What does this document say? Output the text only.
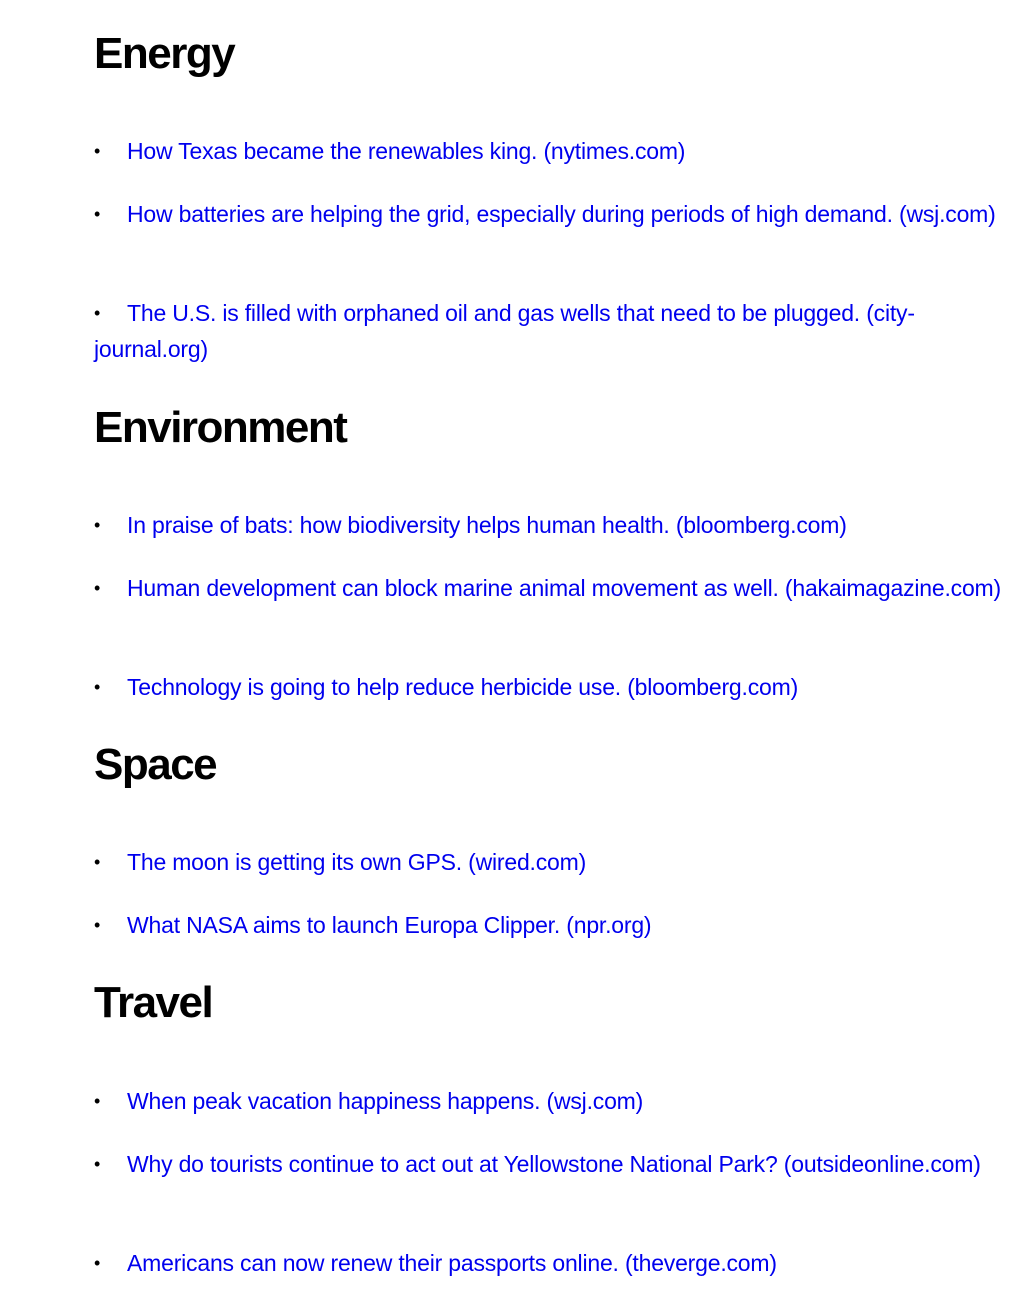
Energy
• How Texas became the renewables king. (nytimes.com)
• How batteries are helping the grid, especially during periods of high demand. (wsj.com)
• The U.S. is filled with orphaned oil and gas wells that need to be plugged. (city-journal.org)
Environment
• In praise of bats: how biodiversity helps human health. (bloomberg.com)
• Human development can block marine animal movement as well. (hakaimagazine.com)
• Technology is going to help reduce herbicide use. (bloomberg.com)
Space
• The moon is getting its own GPS. (wired.com)
• What NASA aims to launch Europa Clipper. (npr.org)
Travel
• When peak vacation happiness happens. (wsj.com)
• Why do tourists continue to act out at Yellowstone National Park? (outsideonline.com)
• Americans can now renew their passports online. (theverge.com)
